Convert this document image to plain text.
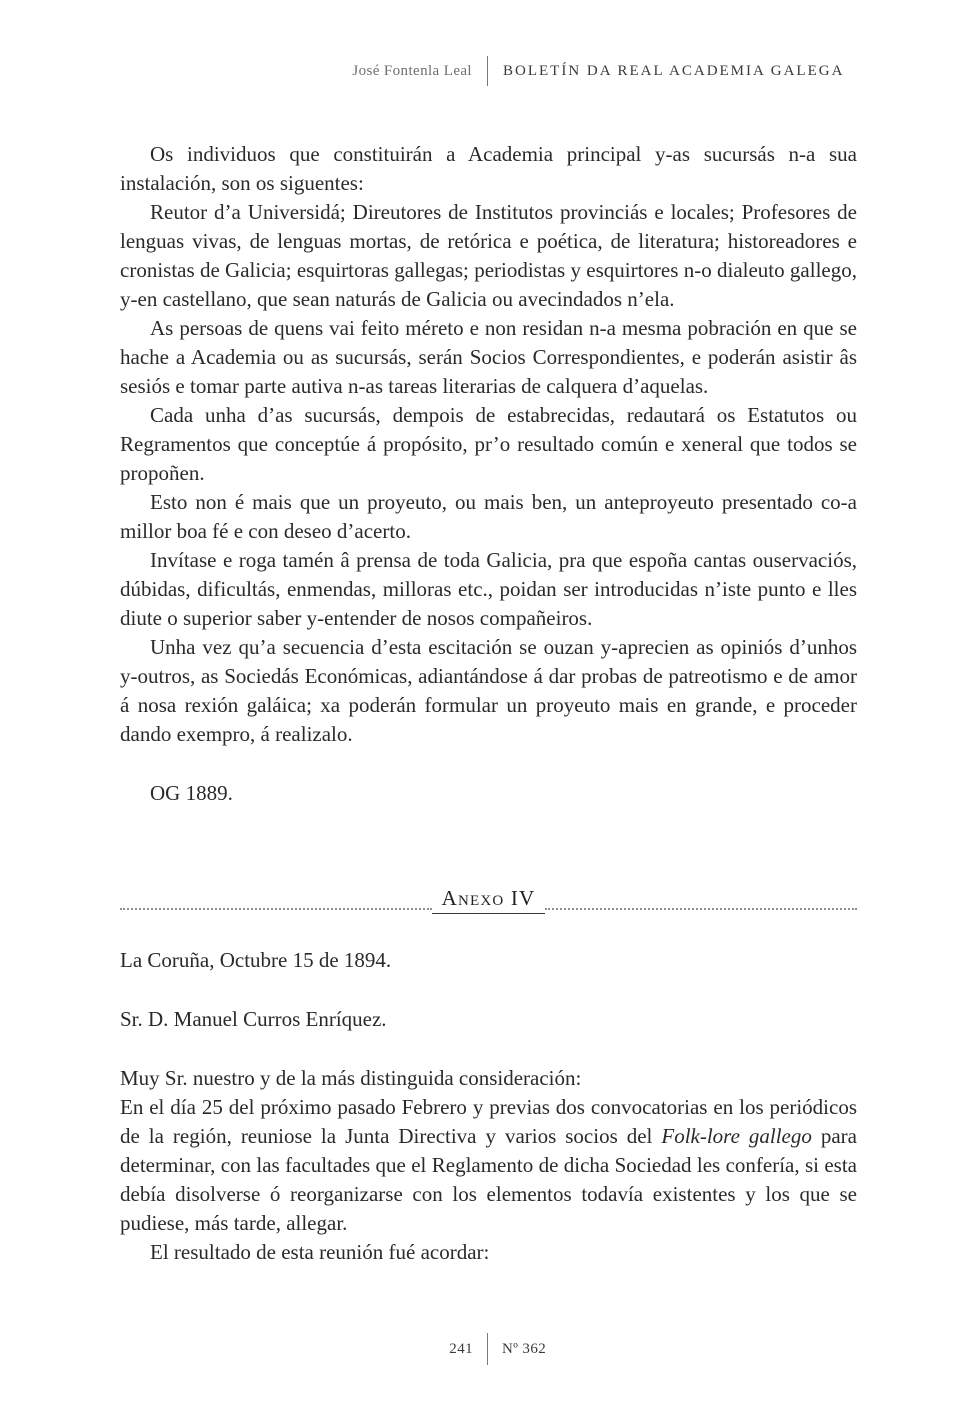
José Fontenla Leal	BOLETÍN DA REAL ACADEMIA GALEGA

Os individuos que constituirán a Academia principal y-as sucursás n-a sua instalación, son os siguentes:

Reutor d’a Universidá; Direutores de Institutos provinciás e locales; Profesores de lenguas vivas, de lenguas mortas, de retórica e poética, de literatura; historeadores e cronistas de Galicia; esquirtoras gallegas; periodistas y esquirtores n-o dialeuto gallego, y-en castellano, que sean naturás de Galicia ou avecindados n’ela.

As persoas de quens vai feito méreto e non residan n-a mesma pobración en que se hache a Academia ou as sucursás, serán Socios Correspondientes, e poderán asistir âs sesiós e tomar parte autiva n-as tareas literarias de calquera d’aquelas.

Cada unha d’as sucursás, dempois de estabrecidas, redautará os Estatutos ou Regramentos que conceptúe á propósito, pr’o resultado común e xeneral que todos se propoñen.

Esto non é mais que un proyeuto, ou mais ben, un anteproyeuto presentado co-a millor boa fé e con deseo d’acerto.

Invítase e roga tamén â prensa de toda Galicia, pra que espoña cantas ouservaciós, dúbidas, dificultás, enmendas, milloras etc., poidan ser introducidas n’iste punto e lles diute o superior saber y-entender de nosos compañeiros.

Unha vez qu’a secuencia d’esta escitación se ouzan y-aprecien as opiniós d’unhos y-outros, as Sociedás Económicas, adiantándose á dar probas de patreotismo e de amor á nosa rexión galáica; xa poderán formular un proyeuto mais en grande, e proceder dando exempro, á realizalo.

OG 1889.

Anexo IV

La Coruña, Octubre 15 de 1894.

Sr. D. Manuel Curros Enríquez.

Muy Sr. nuestro y de la más distinguida consideración:

En el día 25 del próximo pasado Febrero y previas dos convocatorias en los periódicos de la región, reuniose la Junta Directiva y varios socios del Folk-lore gallego para determinar, con las facultades que el Reglamento de dicha Sociedad les confería, si esta debía disolverse ó reorganizarse con los elementos todavía existentes y los que se pudiese, más tarde, allegar.

El resultado de esta reunión fué acordar:

241	Nº 362
